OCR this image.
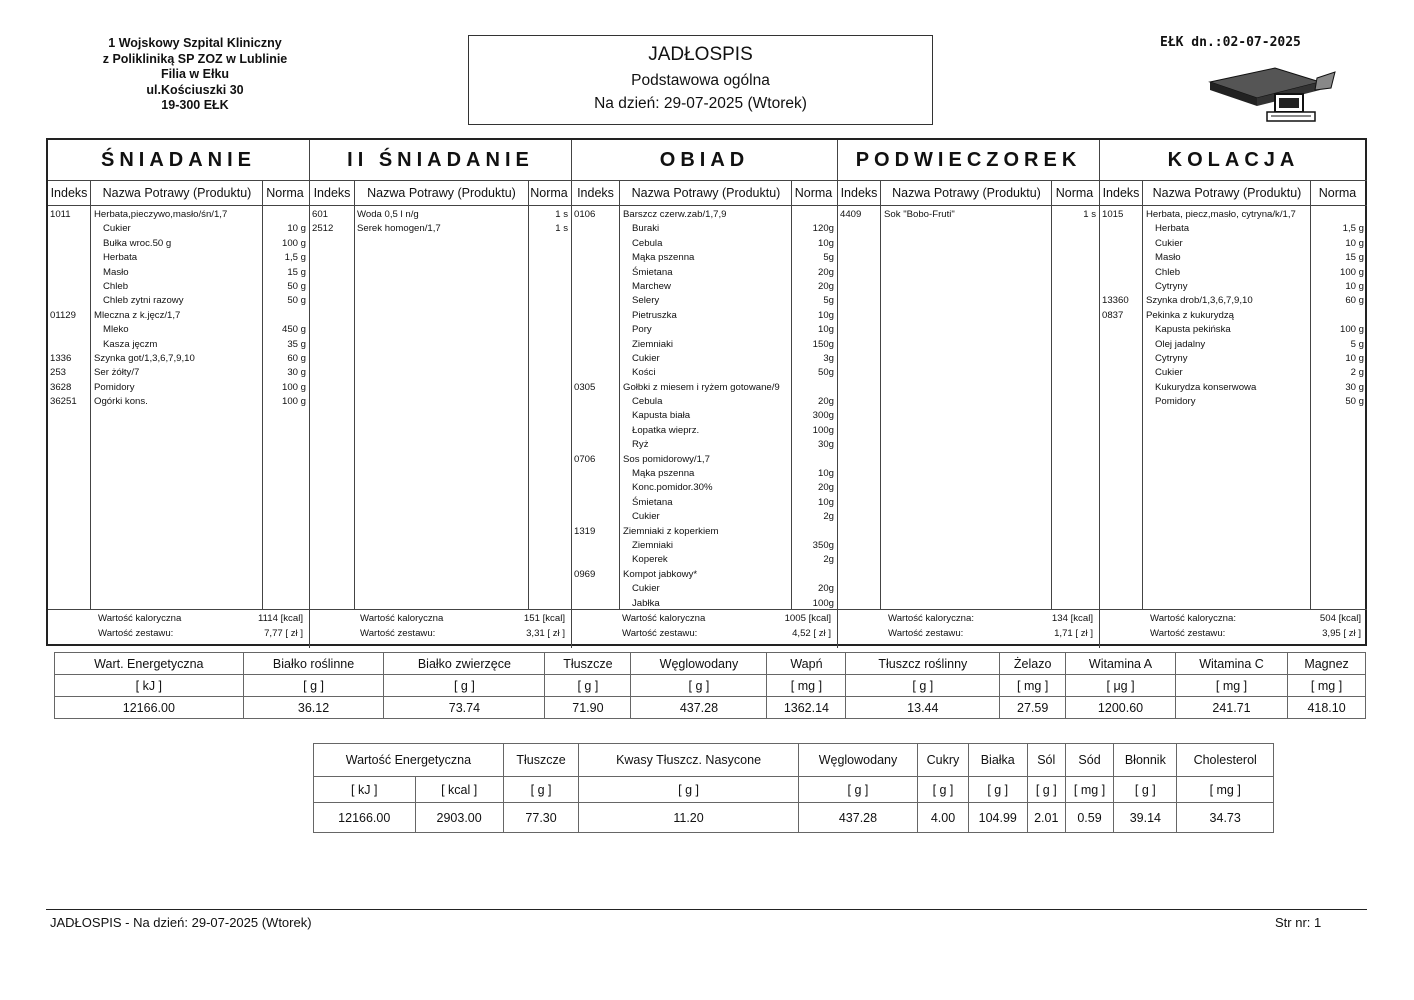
1 Wojskowy Szpital Kliniczny
z Polikliniką SP ZOZ w Lublinie
Filia w Ełku
ul.Kościuszki 30
19-300 EŁK
JADŁOSPIS
Podstawowa ogólna
Na dzień: 29-07-2025 (Wtorek)
EŁK dn.:02-07-2025
ŚNIADANIE
Indeks	Nazwa Potrawy (Produktu)	Norma
1011 Herbata,pieczywo,masło/śn/1,7
Cukier	10 g
Bułka wroc.50 g	100 g
Herbata	1,5 g
Masło	15 g
Chleb	50 g
Chleb zytni razowy	50 g
01129 Mleczna z k.jęcz/1,7
Mleko	450 g
Kasza jęczm	35 g
1336 Szynka got/1,3,6,7,9,10	60 g
253	Ser żółty/7	30 g
3628 Pomidory	100 g
36251 Ogórki kons.	100 g
Wartość kaloryczna	1114 [kcal]
Wartość zestawu:	7,77 [ zł ]
II ŚNIADANIE
Indeks	Nazwa Potrawy (Produktu)	Norma
601	Woda 0,5 l n/g	1 s
2512 Serek homogen/1,7	1 s
Wartość kaloryczna	151 [kcal]
Wartość zestawu:	3,31 [ zł ]
OBIAD
Indeks	Nazwa Potrawy (Produktu)	Norma
0106	Barszcz czerw.zab/1,7,9
Buraki	120g
Cebula	10g
Mąka pszenna	5g
Śmietana	20g
Marchew	20g
Selery	5g
Pietruszka	10g
Pory	10g
Ziemniaki	150g
Cukier	3g
Kości	50g
0305	Gołbki z miesem i ryżem gotowane/9
Cebula	20g
Kapusta biała	300g
Łopatka wieprz.	100g
Ryż	30g
0706	Sos pomidorowy/1,7
Mąka pszenna	10g
Konc.pomidor.30%	20g
Śmietana	10g
Cukier	2g
1319	Ziemniaki z koperkiem
Ziemniaki	350g
Koperek	2g
0969	Kompot jabkowy*
Cukier	20g
Jabłka	100g
Wartość kaloryczna	1005 [kcal]
Wartość zestawu:	4,52 [ zł ]
PODWIECZOREK
Indeks	Nazwa Potrawy (Produktu)	Norma
4409 Sok "Bobo-Fruti"	1 s
Wartość kaloryczna:	134 [kcal]
Wartość zestawu:	1,71 [ zł ]
KOLACJA
Indeks	Nazwa Potrawy (Produktu)	Norma
1015 Herbata, piecz,masło, cytryna/k/1,7
Herbata	1,5 g
Cukier	10 g
Masło	15 g
Chleb	100 g
Cytryny	10 g
13360 Szynka drob/1,3,6,7,9,10	60 g
0837 Pekinka z kukurydzą
Kapusta pekińska	100 g
Olej jadalny	5 g
Cytryny	10 g
Cukier	2 g
Kukurydza konserwowa	30 g
Pomidory	50 g
Wartość kaloryczna:	504 [kcal]
Wartość zestawu:	3,95 [ zł ]
Wart. Energetyczna	Białko roślinne	Białko zwierzęce	Tłuszcze	Węglowodany	Wapń	Tłuszcz roślinny	Żelazo	Witamina A	Witamina C	Magnez
[ kJ ]	[ g ]	[ g ]	[ g ]	[ g ]	[ mg ]	[ g ]	[ mg ]	[ μg ]	[ mg ]	[ mg ]
12166.00	36.12	73.74	71.90	437.28	1362.14	13.44	27.59	1200.60	241.71	418.10
Wartość Energetyczna		Tłuszcze	Kwasy Tłuszcz. Nasycone	Węglowodany	Cukry	Białka	Sól	Sód	Błonnik	Cholesterol
[ kJ ]	[ kcal ]	[ g ]	[ g ]	[ g ]	[ g ]	[ g ]	[ g ]	[ mg ]	[ g ]	[ mg ]
12166.00	2903.00	77.30	11.20	437.28	4.00	104.99	2.01	0.59	39.14	34.73
JADŁOSPIS - Na dzień: 29-07-2025 (Wtorek)	Str nr: 1
